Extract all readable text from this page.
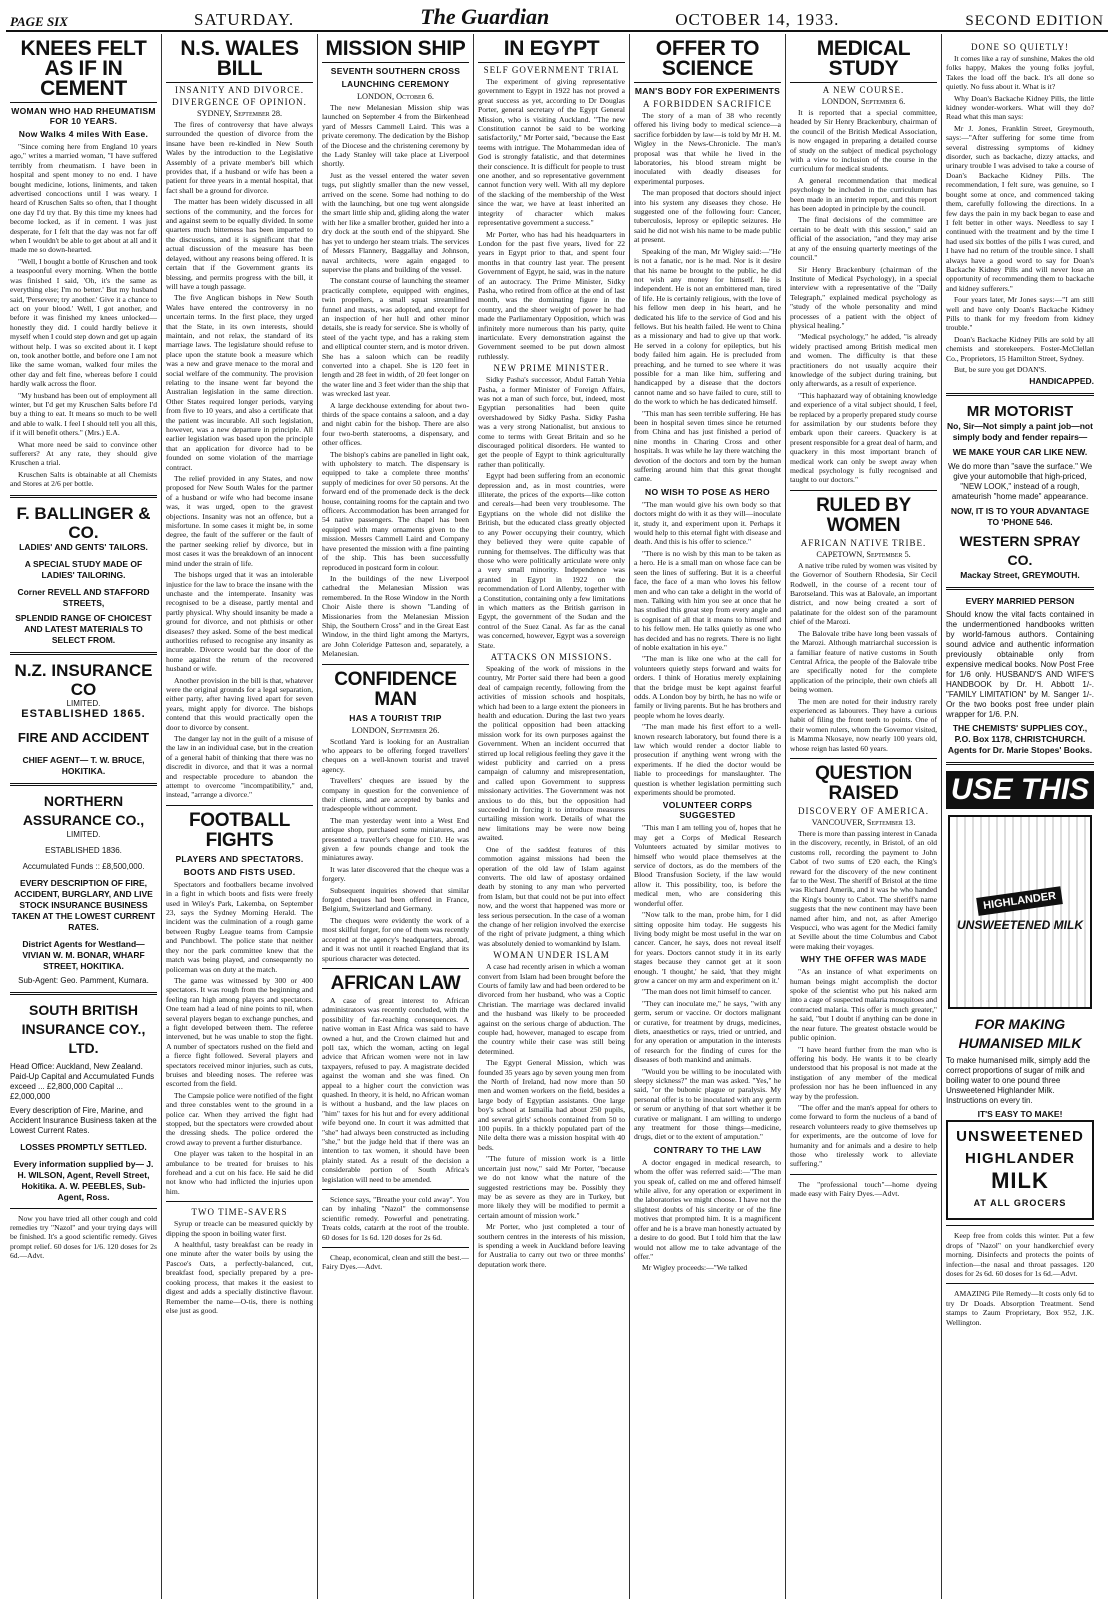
PAGE SIX	SATURDAY.	The Guardian	OCTOBER 14, 1933.	SECOND EDITION
KNEES FELT AS IF IN CEMENT
WOMAN WHO HAD RHEUMATISM FOR 10 YEARS.
Now Walks 4 miles With Ease.

"Since coming here from England 10 years ago," writes a married woman, "I have suffered terribly from rheumatism. I have been in hospital and spent money to no end. I have bought medicine, lotions, liniments, and taken advertised concoctions until I was weary. I heard of Kruschen Salts so often, that I thought one day I'd try that. By this time my knees had become locked, as if in cement. I was just desperate, for I felt that the day was not far off when I wouldn't be able to get about at all and it made me so down-hearted.

"Well, I bought a bottle of Kruschen and took a teaspoonful every morning. When the bottle was finished I said, 'Oh, it's the same as everything else; I'm no better.' But my husband said, 'Persevere; try another.' Give it a chance to act on your blood.' Well, I got another, and before it was finished my knees unlocked—honestly they did. I could hardly believe it myself when I could step down and get up again without help. I was so excited about it. I kept on, took another bottle, and before one I am not like the same woman, walked four miles the other day and felt fine, whereas before I could hardly walk across the floor.

"My husband has been out of employment all winter, but I'd get my Kruschen Salts before I'd buy a thing to eat. It means so much to be well and able to walk. I feel I should tell you all this, if it will benefit others." (Mrs.) E.A.

What more need be said to convince other sufferers? At any rate, they should give Kruschen a trial.

Kruschen Salts is obtainable at all Chemists and Stores at 2/6 per bottle.

F. BALLINGER & CO.
LADIES' AND GENTS' TAILORS.
A SPECIAL STUDY MADE OF LADIES' TAILORING.
Corner REVELL AND STAFFORD STREETS,
SPLENDID RANGE OF CHOICEST AND LATEST MATERIALS TO SELECT FROM.
N.Z. INSURANCE CO
LIMITED.
ESTABLISHED 1865.
FIRE AND ACCIDENT
CHIEF AGENT— T. W. BRUCE, HOKITIKA.
NORTHERN ASSURANCE CO.,
LIMITED.
ESTABLISHED 1836.
Accumulated Funds :: £8,500,000.
EVERY DESCRIPTION OF FIRE, ACCIDENT, BURGLARY, AND LIVE STOCK INSURANCE BUSINESS TAKEN AT THE LOWEST CURRENT RATES.
District Agents for Westland— VIVIAN W. M. BONAR, WHARF STREET, HOKITIKA.
Sub-Agent: Geo. Pamment, Kumara.
SOUTH BRITISH INSURANCE COY., LTD.
Head Office: Auckland, New Zealand. Paid-Up Capital and Accumulated Funds exceed ... £2,800,000 Capital ... £2,000,000
Every description of Fire, Marine, and Accident Insurance Business taken at the Lowest Current Rates.
LOSSES PROMPTLY SETTLED.
Every information supplied by— J. H. WILSON, Agent, Revell Street, Hokitika. A. W. PEEBLES, Sub-Agent, Ross.

Now you have tried all other cough and cold remedies try "Nazol" and your trying days will be finished. It's a good scientific remedy. Gives prompt relief. 60 doses for 1/6. 120 doses for 2s 6d.—Advt.

N.S. WALES BILL
INSANITY AND DIVORCE.
DIVERGENCE OF OPINION.
SYDNEY, September 28.

The fires of controversy that have always surrounded the question of divorce from the insane have been re-kindled in New South Wales by the introduction to the Legislative Assembly of a private member's bill which provides that, if a husband or wife has been a patient for three years in a mental hospital, that fact shall be a ground for divorce.

The matter has been widely discussed in all sections of the community, and the forces for and against seem to be equally divided. In some quarters much bitterness has been imparted to the discussions, and it is significant that the actual discussion of the measure has been delayed, without any reasons being offered. It is certain that if the Government grants its blessing, and permits progress with the bill, it will have a tough passage.

The five Anglican bishops in New South Wales have entered the controversy in no uncertain terms. In the first place, they urged that the State, in its own interests, should maintain, and not relax, the standard of its marriage laws. The legislature should refuse to place upon the statute book a measure which was a new and grave menace to the moral and social welfare of the community. The provision relating to the insane went far beyond the Australian legislation in the same direction. Other States required longer periods, varying from five to 10 years, and also a certificate that the patient was incurable. All such legislation, however, was a new departure in principle. All earlier legislation was based upon the principle that an application for divorce had to be founded on some violation of the marriage contract.

The relief provided in any States, and now proposed for New South Wales for the partner of a husband or wife who had become insane was, it was urged, open to the gravest objections. Insanity was not an offence, but a misfortune. In some cases it might be, in some degree, the fault of the sufferer or the fault of the partner seeking relief by divorce, but in most cases it was the breakdown of an innocent mind under the strain of life.

The bishops urged that it was an intolerable injustice for the law to brace the insane with the unchaste and the intemperate. Insanity was recognised to be a disease, partly mental and partly physical. Why should insanity be made a ground for divorce, and not phthisis or other diseases? they asked. Some of the best medical authorities refused to recognise any insanity as incurable. Divorce would bar the door of the home against the return of the recovered husband or wife.

Another provision in the bill is that, whatever were the original grounds for a legal separation, either party, after having lived apart for seven years, might apply for divorce. The bishops contend that this would practically open the door to divorce by consent.

The danger lay not in the guilt of a misuse of the law in an individual case, but in the creation of a general habit of thinking that there was no discredit in divorce, and that it was a normal and respectable procedure to abandon the attempt to overcome "incompatibility," and, instead, "arrange a divorce."

FOOTBALL FIGHTS
PLAYERS AND SPECTATORS.
BOOTS AND FISTS USED.

Spectators and footballers became involved in a fight in which boots and fists were freely used in Wiley's Park, Lakemba, on September 23, says the Sydney Morning Herald. The incident was the culmination of a rough game between Rugby League teams from Campsie and Punchbowl. The police state that neither they nor the park committee knew that the match was being played, and consequently no policeman was on duty at the match.

The game was witnessed by 300 or 400 spectators. It was rough from the beginning and feeling ran high among players and spectators. One team had a lead of nine points to nil, when several players began to exchange punches, and a fight developed between them. The referee intervened, but he was unable to stop the fight. A number of spectators rushed on the field and a fierce fight followed. Several players and spectators received minor injuries, such as cuts, bruises and bleeding noses. The referee was escorted from the field.

The Campsie police were notified of the fight and three constables went to the ground in a police car. When they arrived the fight had stopped, but the spectators were crowded about the dressing sheds. The police ordered the crowd away to prevent a further disturbance.

One player was taken to the hospital in an ambulance to be treated for bruises to his forehead and a cut on his face. He said he did not know who had inflicted the injuries upon him.

TWO TIME-SAVERS

Syrup or treacle can be measured quickly by dipping the spoon in boiling water first.

A healthful, tasty breakfast can be ready in one minute after the water boils by using the Pascoe's Oats, a perfectly-balanced, cut, breakfast food, specially prepared by a pre-cooking process, that makes it the easiest to digest and adds a specially distinctive flavour. Remember the name—O-tis, there is nothing else just as good.

MISSION SHIP
SEVENTH SOUTHERN CROSS
LAUNCHING CEREMONY
LONDON, October 6.

The new Melanesian Mission ship was launched on September 4 from the Birkenhead yard of Messrs Cammell Laird. This was a private ceremony. The dedication by the Bishop of the Diocese and the christening ceremony by the Lady Stanley will take place at Liverpool shortly.

Just as the vessel entered the water seven tugs, put slightly smaller than the new vessel, arrived on the scene. Some had nothing to do with the launching, but one tug went alongside the smart little ship and, gliding along the water with her like a smaller brother, guided her into a dry dock at the south end of the shipyard. She has yet to undergo her steam trials. The services of Messrs Flannery, Baggallay and Johnson, naval architects, were again engaged to supervise the plans and building of the vessel.

The constant course of launching the steamer practically complete, equipped with engines, twin propellers, a small squat streamlined funnel and masts, was adopted, and except for an inspection of her hull and other minor details, she is ready for service. She is wholly of steel of the yacht type, and has a raking stem and elliptical counter stern, and is motor driven. She has a saloon which can be readily converted into a chapel. She is 120 feet in length and 28 feet in width, of 20 feet longer on the water line and 3 feet wider than the ship that was wrecked last year.

A large deckhouse extending for about two-thirds of the space contains a saloon, and a day and night cabin for the bishop. There are also four two-berth staterooms, a dispensary, and other offices.

The bishop's cabins are panelled in light oak, with upholstery to match. The dispensary is equipped to take a complete three months' supply of medicines for over 50 persons. At the forward end of the promenade deck is the deck house, containing rooms for the captain and two officers. Accommodation has been arranged for 54 native passengers. The chapel has been equipped with many ornaments given to the mission. Messrs Cammell Laird and Company have presented the mission with a fine painting of the ship. This has been successfully reproduced in postcard form in colour.

In the buildings of the new Liverpool cathedral the Melanesian Mission was remembered. In the Rose Window in the North Choir Aisle there is shown "Landing of Missionaries from the Melanesian Mission Ship, the Southern Cross" and in the Great East Window, in the third light among the Martyrs, are John Coleridge Patteson and, separately, a Melanesian.

CONFIDENCE MAN
HAS A TOURIST TRIP
LONDON, September 26.

Scotland Yard is looking for an Australian who appears to be offering forged travellers' cheques on a well-known tourist and travel agency.

Travellers' cheques are issued by the company in question for the convenience of their clients, and are accepted by banks and tradespeople without comment.

The man yesterday went into a West End antique shop, purchased some miniatures, and presented a traveller's cheque for £10. He was given a few pounds change and took the miniatures away.

It was later discovered that the cheque was a forgery.

Subsequent inquiries showed that similar forged cheques had been offered in France, Belgium, Switzerland and Germany.

The cheques were evidently the work of a most skilful forger, for one of them was recently accepted at the agency's headquarters, abroad, and it was not until it reached England that its spurious character was detected.

AFRICAN LAW

A case of great interest to African administrators was recently concluded, with the possibility of far-reaching consequences. A native woman in East Africa was said to have owned a hut, and the Crown claimed hut and poll tax, which the woman, acting on legal advice that African women were not in law taxpayers, refused to pay. A magistrate decided against the woman and she was fined. On appeal to a higher court the conviction was quashed. In theory, it is held, no African woman is without a husband, and the law places on "him" taxes for his hut and for every additional wife beyond one. In court it was admitted that "she" had always been constructed as including "she," but the judge held that if there was an intention to tax women, it should have been plainly stated. As a result of the decision a considerable portion of South Africa's legislation will need to be amended.

Science says, "Breathe your cold away". You can by inhaling "Nazol" the commonsense scientific remedy. Powerful and penetrating. Treats colds, catarrh at the root of the trouble. 60 doses for 1s 6d. 120 doses for 2s 6d.

Cheap, economical, clean and still the best.—Fairy Dyes.—Advt.

IN EGYPT
SELF GOVERNMENT TRIAL

The experiment of giving representative government to Egypt in 1922 has not proved a great success as yet, according to Dr Douglas Porter, general secretary of the Egypt General Mission, who is visiting Auckland. "The new Constitution cannot be said to be working satisfactorily," Mr Porter said, "because the East teems with intrigue. The Mohammedan idea of God is strongly fatalistic, and that determines their conscience. It is difficult for people to trust one another, and so representative government cannot function very well. With all my deplore of the slacking of the membership of the West since the war, we have at least inherited an integrity of character which makes representative government a success."

Mr Porter, who has had his headquarters in London for the past five years, lived for 22 years in Egypt prior to that, and spent four months in that country last year. The present Government of Egypt, he said, was in the nature of an autocracy. The Prime Minister, Sidky Pasha, who retired from office at the end of last month, was the dominating figure in the country, and the sheer weight of power he had made the Parliamentary Opposition, which was infinitely more numerous than his party, quite inarticulate. Every demonstration against the Government seemed to be put down almost ruthlessly.

NEW PRIME MINISTER.

Sidky Pasha's successor, Abdul Fattah Yehia Pasha, a former Minister of Foreign Affairs, was not a man of such force, but, indeed, most Egyptian personalities had been quite overshadowed by Sidky Pasha. Sidky Pasha was a very strong Nationalist, but anxious to come to terms with Great Britain and so he discouraged political disorders. He wanted to get the people of Egypt to think agriculturally rather than politically.

Egypt had been suffering from an economic depression and, as in most countries, were illiterate, the prices of the exports—like cotton and cereals—had been very troublesome. The Egyptians on the whole did not dislike the British, but the educated class greatly objected to any Power occupying their country, which they believed they were quite capable of running for themselves. The difficulty was that those who were politically articulate were only a very small minority. Independence was granted in Egypt in 1922 on the recommendation of Lord Allenby, together with a Constitution, containing only a few limitations in which matters as the British garrison in Egypt, the government of the Sudan and the control of the Suez Canal. As far as the canal was concerned, however, Egypt was a sovereign State.

ATTACKS ON MISSIONS.

Speaking of the work of missions in the country, Mr Porter said there had been a good deal of campaign recently, following from the activities of mission schools and hospitals, which had been to a large extent the pioneers in health and education. During the last two years the political opposition had been attacking mission work for its own purposes against the Government. When an incident occurred that stirred up local religious feeling they gave it the widest publicity and carried on a press campaign of calumny and misrepresentation, and called upon Government to suppress missionary activities. The Government was not anxious to do this, but the opposition had succeeded in forcing it to introduce measures curtailing mission work. Details of what the new limitations may be were now being awaited.

One of the saddest features of this commotion against missions had been the operation of the old law of Islam against converts. The old law of apostasy ordained death by stoning to any man who perverted from Islam, but that could not be put into effect now, and the worst that happened was more or less serious persecution. In the case of a woman the change of her religion involved the exercise of the right of private judgment, a thing which was absolutely denied to womankind by Islam.

WOMAN UNDER ISLAM

A case had recently arisen in which a woman convert from Islam had been brought before the Courts of family law and had been ordered to be divorced from her husband, who was a Coptic Christian. The marriage was declared invalid and the husband was likely to be proceeded against on the serious charge of abduction. The couple had, however, managed to escape from the country while their case was still being determined.

The Egypt General Mission, which was founded 35 years ago by seven young men from the North of Ireland, had now more than 50 men and women workers on the field, besides a large body of Egyptian assistants. One large boy's school at Ismailia had about 250 pupils, and several girls' schools contained from 50 to 100 pupils. In a thickly populated part of the Nile delta there was a mission hospital with 40 beds.

"The future of mission work is a little uncertain just now," said Mr Porter, "because we do not know what the nature of the suggested restrictions may be. Possibly they may be as severe as they are in Turkey, but more likely they will be modified to permit a certain amount of mission work."

Mr Porter, who just completed a tour of southern centres in the interests of his mission, is spending a week in Auckland before leaving for Australia to carry out two or three months' deputation work there.

OFFER TO SCIENCE
MAN'S BODY FOR EXPERIMENTS
A FORBIDDEN SACRIFICE

The story of a man of 38 who recently offered his living body to medical science—a sacrifice forbidden by law—is told by Mr H. M. Wigley in the News-Chronicle. The man's proposal was that while he lived in the laboratories, his blood stream might be inoculated with deadly diseases for experimental purposes.

The man proposed that doctors should inject into his system any diseases they chose. He suggested one of the following four: Cancer, tuberculosis, leprosy or epileptic seizures. He said he did not wish his name to be made public at present.

Speaking of the man, Mr Wigley said:—"He is not a fanatic, nor is he mad. Nor is it desire that his name be brought to the public, he did not wish any money for himself. He is independent. He is not an embittered man, tired of life. He is certainly religious, with the love of his fellow men deep in his heart, and he dedicated his life to the service of God and his fellows. But his health failed. He went to China as a missionary and had to give up that work. He served in a colony for epileptics, but his body failed him again. He is precluded from preaching, and he turned to see where it was possible for a man like him, suffering and handicapped by a disease that the doctors cannot name and so have failed to cure, still to do the work to which he has dedicated himself.

"This man has seen terrible suffering. He has been in hospital seven times since he returned from China and has just finished a period of nine months in Charing Cross and other hospitals. It was while he lay there watching the devotion of the doctors and torn by the human suffering around him that this great thought came.

NO WISH TO POSE AS HERO

"The man would give his own body so that doctors might do with it as they will—inoculate it, study it, and experiment upon it. Perhaps it would help to this eternal fight with disease and death. And this is his offer to science."

"There is no wish by this man to be taken as a hero. He is a small man on whose face can be seen the lines of suffering. But it is a cheerful face, the face of a man who loves his fellow men and who can take a delight in the world of men. Talking with him you see at once that he has studied this great step from every angle and is cognisant of all that it means to himself and to his fellow men. He talks quietly as one who has decided and has no regrets. There is no light of noble exaltation in his eye."

"The man is like one who at the call for volunteers quietly steps forward and waits for orders. I think of Horatius merely explaining that the bridge must be kept against fearful odds. A London boy by birth, he has no wife or family or living parents. But he has brothers and people whom he loves dearly.

"The man made his first effort to a well-known research laboratory, but found there is a law which would render a doctor liable to prosecution if anything went wrong with the experiments. If he died the doctor would be liable to proceedings for manslaughter. The question is whether legislation permitting such experiments should be promoted.

VOLUNTEER CORPS SUGGESTED

"This man I am telling you of, hopes that he may get a Corps of Medical Research Volunteers actuated by similar motives to himself who would place themselves at the service of doctors, as do the members of the Blood Transfusion Society, if the law would allow it. This possibility, too, is before the medical men, who are considering this wonderful offer.

"Now talk to the man, probe him, for I did sitting opposite him today. He suggests his living body might be most useful in the war on cancer. Cancer, he says, does not reveal itself for years. Doctors cannot study it in its early stages because they cannot get at it soon enough. 'I thought,' he said, 'that they might grow a cancer on my arm and experiment on it.'

"The man does not limit himself to cancer.

"They can inoculate me," he says, "with any germ, serum or vaccine. Or doctors malignant or curative, for treatment by drugs, medicines, diets, anaesthetics or rays, tried or untried, and for any operation or amputation in the interests of research for the finding of cures for the diseases of both mankind and animals.

"Would you be willing to be inoculated with sleepy sickness?" the man was asked. "Yes," he said, "or the bubonic plague or paralysis. My personal offer is to be inoculated with any germ or serum or anything of that sort whether it be curative or malignant. I am willing to undergo any treatment for those things—medicine, drugs, diet or to the extent of amputation."

CONTRARY TO THE LAW

A doctor engaged in medical research, to whom the offer was referred said:—"The man you speak of, called on me and offered himself while alive, for any operation or experiment in the laboratories we might choose. I have not the slightest doubts of his sincerity or of the fine motives that prompted him. It is a magnificent offer and he is a brave man honestly actuated by a desire to do good. But I told him that the law would not allow me to take advantage of the offer."

Mr Wigley proceeds:—"We talked

MEDICAL STUDY
A NEW COURSE.
LONDON, September 6.

It is reported that a special committee, headed by Sir Henry Brackenbury, chairman of the council of the British Medical Association, is now engaged in preparing a detailed course of study on the subject of medical psychology with a view to inclusion of the course in the curriculum for medical students.

A general recommendation that medical psychology be included in the curriculum has been made in an interim report, and this report has been adopted in principle by the council.

The final decisions of the committee are certain to be dealt with this session," said an official of the association, "and they may arise at any of the ensuing quarterly meetings of the council."

Sir Henry Brackenbury (chairman of the Institute of Medical Psychology), in a special interview with a representative of the "Daily Telegraph," explained medical psychology as "study of the whole personality and mind processes of a patient with the object of physical healing."

"Medical psychology," he added, "is already widely practised among British medical men and women. The difficulty is that these practitioners do not usually acquire their knowledge of the subject during training, but only afterwards, as a result of experience.

"This haphazard way of obtaining knowledge and experience of a vital subject should, I feel, be replaced by a properly prepared study course for assimilation by our students before they embark upon their careers. Quackery is at present responsible for a great deal of harm, and quackery in this most important branch of medical work can only be swept away when medical psychology is fully recognised and taught to our doctors."

RULED BY WOMEN
AFRICAN NATIVE TRIBE.
CAPETOWN, September 5.

A native tribe ruled by women was visited by the Governor of Southern Rhodesia, Sir Cecil Rodwell, in the course of a recent tour of Barotseland. This was at Balovale, an important district, and now being created a sort of palatinate for the oldest son of the paramount chief of the Marozi.

The Balovale tribe have long been vassals of the Marozi. Although matriarchal succession is a familiar feature of native customs in South Central Africa, the people of the Balovale tribe are specifically noted for the complete application of the principle, their own chiefs all being women.

The men are noted for their industry rarely experienced as labourers. They have a curious habit of filing the front teeth to points. One of their women rulers, whom the Governor visited, is Mamma Nkosaye, now nearly 100 years old, whose reign has lasted 60 years.

QUESTION RAISED
DISCOVERY OF AMERICA.
VANCOUVER, September 13.

There is more than passing interest in Canada in the discovery, recently, in Bristol, of an old customs roll, recording the payment to John Cabot of two sums of £20 each, the King's reward for the discovery of the new continent far to the West. The sheriff of Bristol at the time was Richard Amerik, and it was he who handed the King's bounty to Cabot. The sheriff's name suggests that the new continent may have been named after him, and not, as after Amerigo Vespucci, who was agent for the Medici family at Seville about the time Columbus and Cabot were making their voyages.

WHY THE OFFER WAS MADE

"As an instance of what experiments on human beings might accomplish the doctor spoke of the scientist who put his naked arm into a cage of suspected malaria mosquitoes and contracted malaria. This offer is much greater," he said, "but I doubt if anything can be done in the near future. The greatest obstacle would be public opinion.

"I have heard further from the man who is offering his body. He wants it to be clearly understood that his proposal is not made at the instigation of any member of the medical profession nor has he been influenced in any way by the profession.

"The offer and the man's appeal for others to come forward to form the nucleus of a band of research volunteers ready to give themselves up for experiments, are the outcome of love for humanity and for animals and a desire to help those who tirelessly work to alleviate suffering."

The "professional touch"—home dyeing made easy with Fairy Dyes.—Advt.

DONE SO QUIETLY!

It comes like a ray of sunshine, Makes the old folks happy, Makes the young folks joyful, Takes the load off the back. It's all done so quietly. No fuss about it. What is it?

Why Doan's Backache Kidney Pills, the little kidney wonder-workers. What will they do? Read what this man says:

Mr J. Jones, Franklin Street, Greymouth, says:—"After suffering for some time from several distressing symptoms of kidney disorder, such as backache, dizzy attacks, and urinary trouble I was advised to take a course of Doan's Backache Kidney Pills. The recommendation, I felt sure, was genuine, so I bought some at once, and commenced taking them, carefully following the directions. In a few days the pain in my back began to ease and I felt better in other ways. Needless to say I continued with the treatment and by the time I had used six bottles of the pills I was cured, and I have had no return of the trouble since. I shall always have a good word to say for Doan's Backache Kidney Pills and will never lose an opportunity of recommending them to backache and kidney sufferers."

Four years later, Mr Jones says:—"I am still well and have only Doan's Backache Kidney Pills to thank for my freedom from kidney trouble."

Doan's Backache Kidney Pills are sold by all chemists and storekeepers. Foster-McClellan Co., Proprietors, 15 Hamilton Street, Sydney.

But, be sure you get DOAN'S.

HANDICAPPED.
MR MOTORIST
No, Sir—Not simply a paint job—not simply body and fender repairs—
WE MAKE YOUR CAR LIKE NEW.
We do more than "save the surface." We give your automobile that high-priced, "NEW LOOK," instead of a rough, amateurish "home made" appearance.
NOW, IT IS TO YOUR ADVANTAGE TO 'PHONE 546.
WESTERN SPRAY CO.
Mackay Street, GREYMOUTH.
EVERY MARRIED PERSON
Should know the vital facts contained in the undermentioned handbooks written by world-famous authors. Containing sound advice and authentic information previously obtainable only from expensive medical books. Now Post Free for 1/6 only. HUSBAND'S AND WIFE'S HANDBOOK by Dr. H. Abbott 1/-. "FAMILY LIMITATION" by M. Sanger 1/-. Or the two books post free under plain wrapper for 1/6. P.N.
THE CHEMISTS' SUPPLIES COY., P.O. Box 1178, CHRISTCHURCH. Agents for Dr. Marie Stopes' Books.
USE THIS
HIGHLANDER
UNSWEETENED MILK
FOR MAKING HUMANISED MILK
To make humanised milk, simply add the correct proportions of sugar of milk and boiling water to one pound three Unsweetened Highlander Milk. Instructions on every tin.
IT'S EASY TO MAKE!
UNSWEETENED
HIGHLANDER
MILK
AT ALL GROCERS

Keep free from colds this winter. Put a few drops of "Nazol" on your handkerchief every morning. Disinfects and protects the points of infection—the nasal and throat passages. 120 doses for 2s 6d. 60 doses for 1s 6d.—Advt.

AMAZING Pile Remedy—It costs only 6d to try Dr Doads. Absorption Treatment. Send stamps to Zaum Proprietary, Box 952, J.K. Wellington.
